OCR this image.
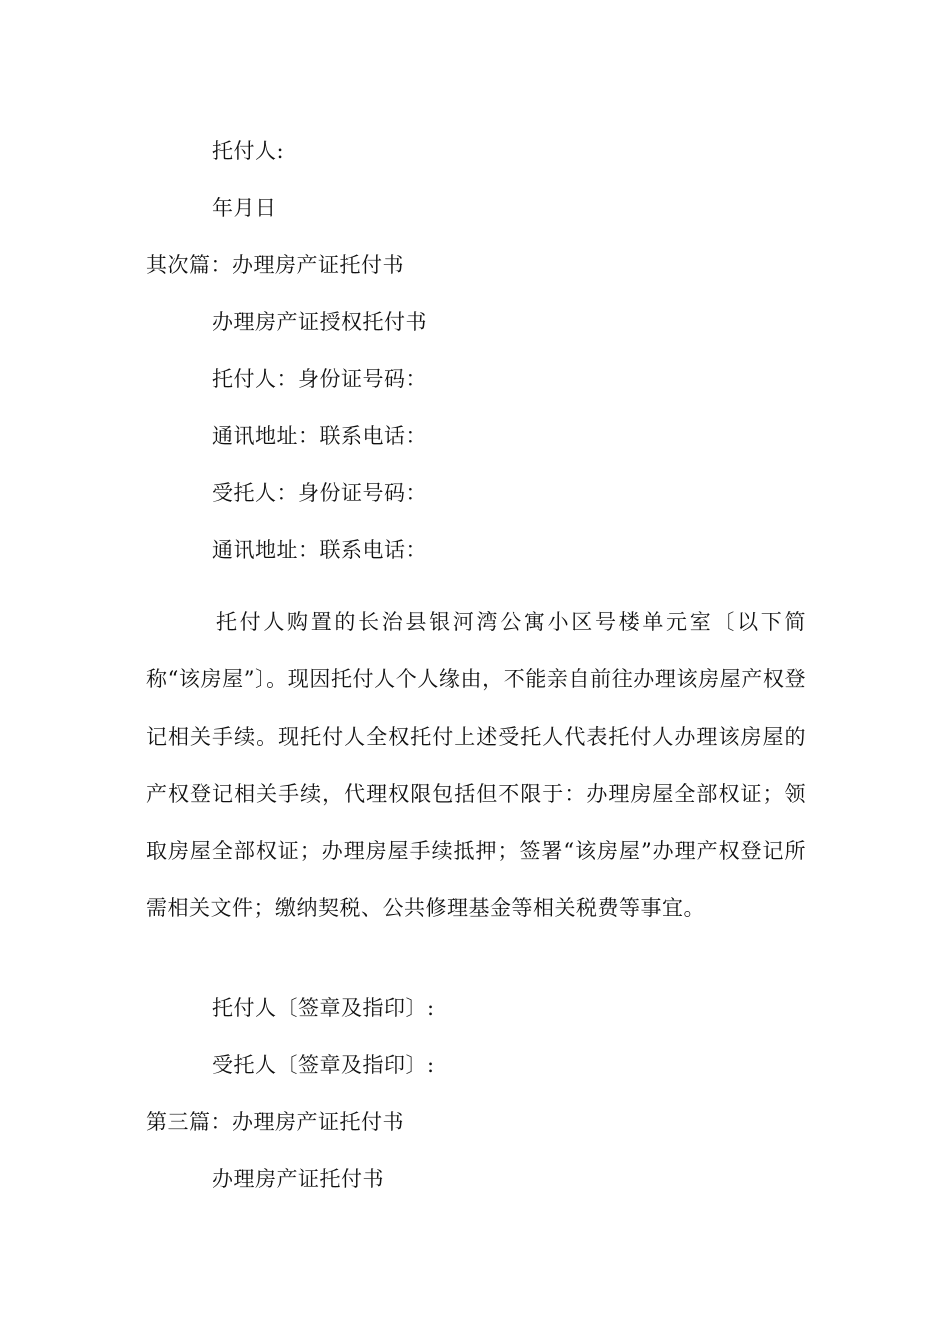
托付人:
年月日
其次篇：办理房产证托付书
办理房产证授权托付书
托付人：身份证号码：
通讯地址：联系电话：
受托人：身份证号码：
通讯地址：联系电话：
托付人购置的长治县银河湾公寓小区号楼单元室〔以下简称“该房屋”〕。现因托付人个人缘由，不能亲自前往办理该房屋产权登记相关手续。现托付人全权托付上述受托人代表托付人办理该房屋的产权登记相关手续，代理权限包括但不限于：办理房屋全部权证；领取房屋全部权证；办理房屋手续抵押；签署“该房屋”办理产权登记所需相关文件；缴纳契税、公共修理基金等相关税费等事宜。
托付人〔签章及指印〕:
受托人〔签章及指印〕:
第三篇：办理房产证托付书
办理房产证托付书
